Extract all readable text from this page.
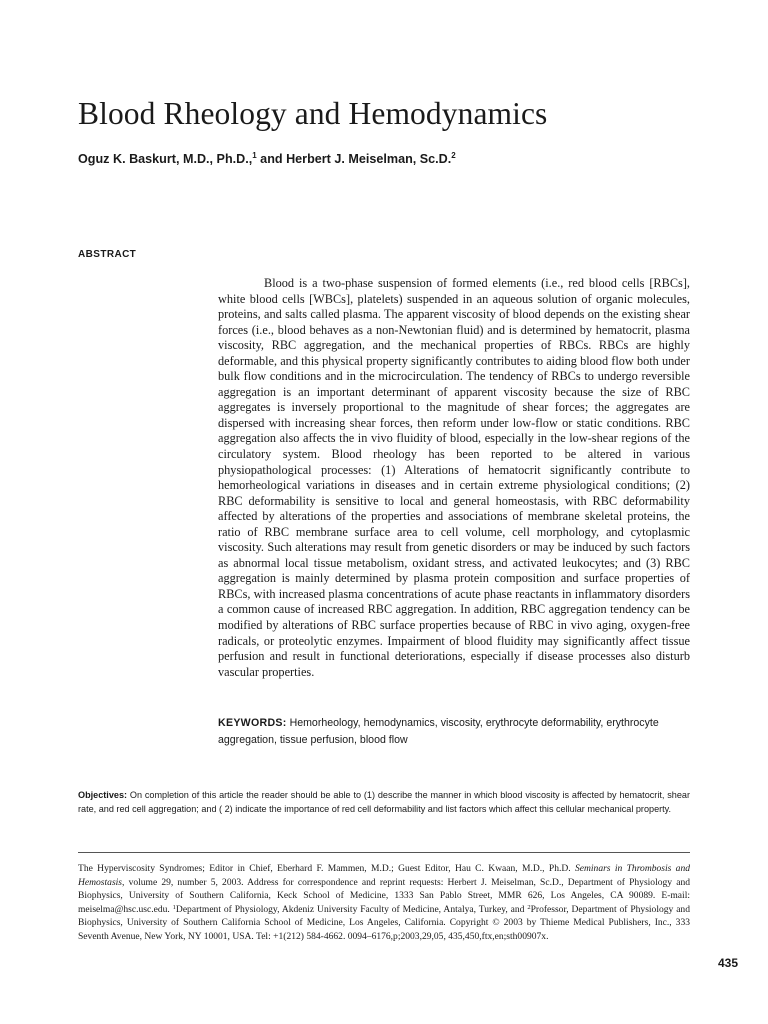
Blood Rheology and Hemodynamics

Oguz K. Baskurt, M.D., Ph.D.,$^1$ and Herbert J. Meiselman, Sc.D.$^2$

ABSTRACT

Blood is a two-phase suspension of formed elements (i.e., red blood cells [RBCs], white blood cells [WBCs], platelets) suspended in an aqueous solution of organic molecules, proteins, and salts called plasma. The apparent viscosity of blood depends on the existing shear forces (i.e., blood behaves as a non-Newtonian fluid) and is determined by hematocrit, plasma viscosity, RBC aggregation, and the mechanical properties of RBCs. RBCs are highly deformable, and this physical property significantly contributes to aiding blood flow both under bulk flow conditions and in the microcirculation. The tendency of RBCs to undergo reversible aggregation is an important determinant of apparent viscosity because the size of RBC aggregates is inversely proportional to the magnitude of shear forces; the aggregates are dispersed with increasing shear forces, then reform under low-flow or static conditions. RBC aggregation also affects the in vivo fluidity of blood, especially in the low-shear regions of the circulatory system. Blood rheology has been reported to be altered in various physiopathological processes: (1) Alterations of hematocrit significantly contribute to hemorheological variations in diseases and in certain extreme physiological conditions; (2) RBC deformability is sensitive to local and general homeostasis, with RBC deformability affected by alterations of the properties and associations of membrane skeletal proteins, the ratio of RBC membrane surface area to cell volume, cell morphology, and cytoplasmic viscosity. Such alterations may result from genetic disorders or may be induced by such factors as abnormal local tissue metabolism, oxidant stress, and activated leukocytes; and (3) RBC aggregation is mainly determined by plasma protein composition and surface properties of RBCs, with increased plasma concentrations of acute phase reactants in inflammatory disorders a common cause of increased RBC aggregation. In addition, RBC aggregation tendency can be modified by alterations of RBC surface properties because of RBC in vivo aging, oxygen-free radicals, or proteolytic enzymes. Impairment of blood fluidity may significantly affect tissue perfusion and result in functional deteriorations, especially if disease processes also disturb vascular properties.

KEYWORDS: Hemorheology, hemodynamics, viscosity, erythrocyte deformability, erythrocyte aggregation, tissue perfusion, blood flow

Objectives: On completion of this article the reader should be able to (1) describe the manner in which blood viscosity is affected by hematocrit, shear rate, and red cell aggregation; and ( 2) indicate the importance of red cell deformability and list factors which affect this cellular mechanical property.

The Hyperviscosity Syndromes; Editor in Chief, Eberhard F. Mammen, M.D.; Guest Editor, Hau C. Kwaan, M.D., Ph.D. Seminars in Thrombosis and Hemostasis, volume 29, number 5, 2003. Address for correspondence and reprint requests: Herbert J. Meiselman, Sc.D., Department of Physiology and Biophysics, University of Southern California, Keck School of Medicine, 1333 San Pablo Street, MMR 626, Los Angeles, CA 90089. E-mail: meiselma@hsc.usc.edu. $^1$Department of Physiology, Akdeniz University Faculty of Medicine, Antalya, Turkey, and $^2$Professor, Department of Physiology and Biophysics, University of Southern California School of Medicine, Los Angeles, California. Copyright © 2003 by Thieme Medical Publishers, Inc., 333 Seventh Avenue, New York, NY 10001, USA. Tel: +1(212) 584-4662. 0094–6176,p;2003,29,05, 435,450,ftx,en;sth00907x.

435
